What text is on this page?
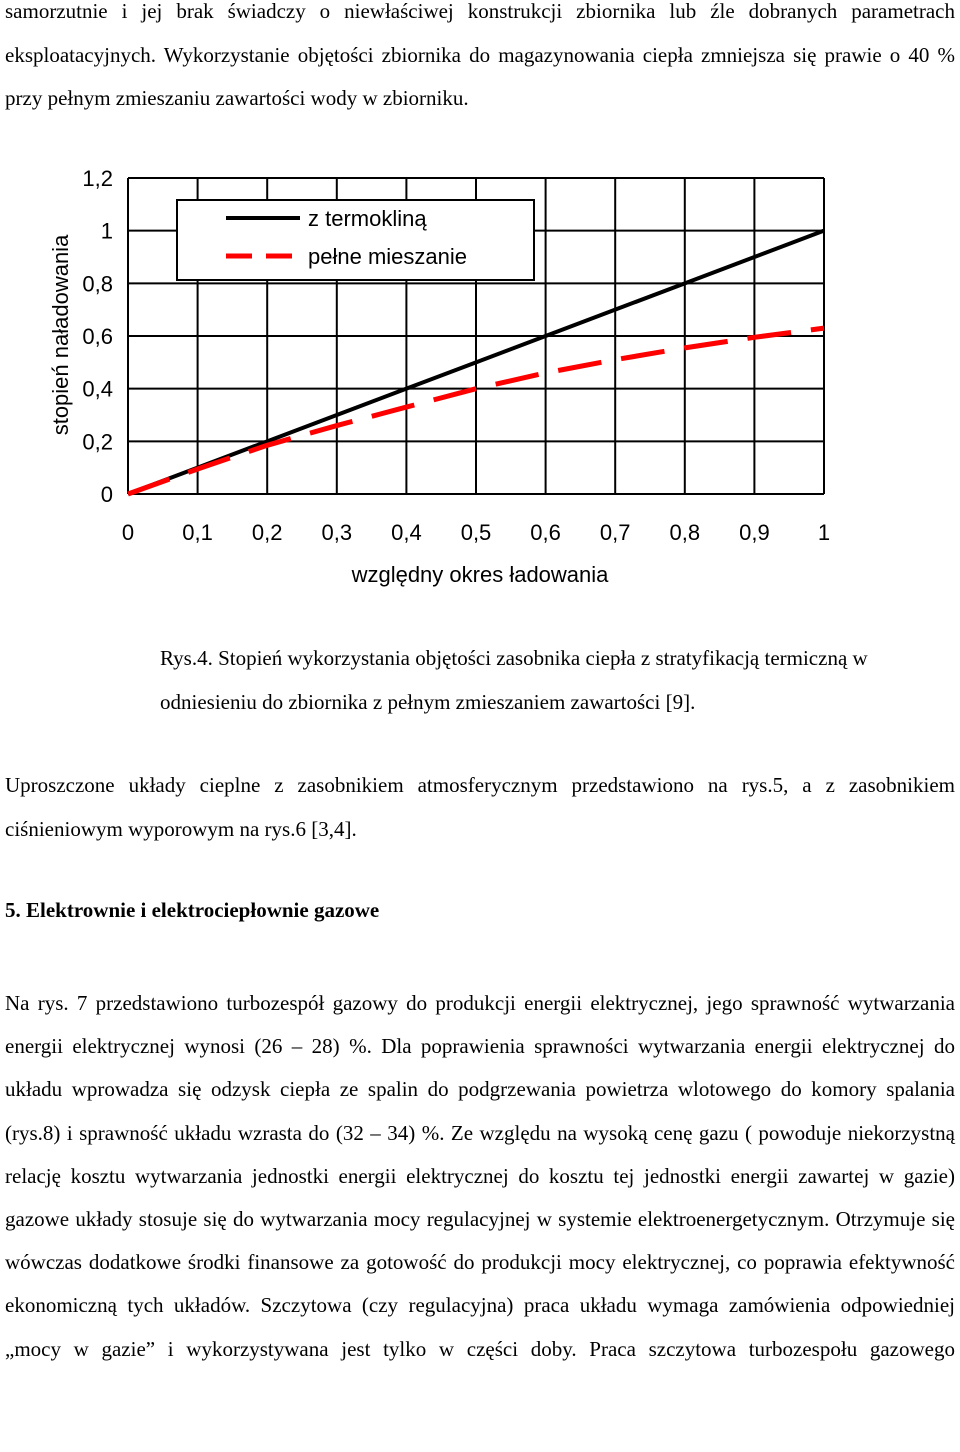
samorzutnie i jej brak świadczy o niewłaściwej konstrukcji zbiornika lub źle dobranych parametrach eksploatacyjnych. Wykorzystanie objętości zbiornika do magazynowania ciepła zmniejsza się prawie o 40 % przy pełnym zmieszaniu zawartości wody w zbiorniku.

0
0,2
0,4
0,6
0,8
1
1,2
0 0,1 0,2 0,3 0,4 0,5 0,6 0,7 0,8 0,9 1
stopień naładowania
względny okres ładowania
z termokliną
pełne mieszanie

Rys.4. Stopień wykorzystania objętości zasobnika ciepła z stratyfikacją termiczną w
odniesieniu do zbiornika z pełnym zmieszaniem zawartości [9].

Uproszczone układy cieplne z zasobnikiem atmosferycznym przedstawiono na rys.5, a z zasobnikiem ciśnieniowym wyporowym na rys.6 [3,4].

5. Elektrownie i elektrociepłownie gazowe

Na rys. 7 przedstawiono turbozespół gazowy do produkcji energii elektrycznej, jego sprawność wytwarzania energii elektrycznej wynosi (26 – 28) %. Dla poprawienia sprawności wytwarzania energii elektrycznej do układu wprowadza się odzysk ciepła ze spalin do podgrzewania powietrza wlotowego do komory spalania (rys.8) i sprawność układu wzrasta do (32 – 34) %. Ze względu na wysoką cenę gazu ( powoduje niekorzystną relację kosztu wytwarzania jednostki energii elektrycznej do kosztu tej jednostki energii zawartej w gazie) gazowe układy stosuje się do wytwarzania mocy regulacyjnej w systemie elektroenergetycznym. Otrzymuje się wówczas dodatkowe środki finansowe za gotowość do produkcji mocy elektrycznej, co poprawia efektywność ekonomiczną tych układów. Szczytowa (czy regulacyjna) praca układu wymaga zamówienia odpowiedniej „mocy w gazie” i wykorzystywana jest tylko w części doby. Praca szczytowa turbozespołu gazowego
